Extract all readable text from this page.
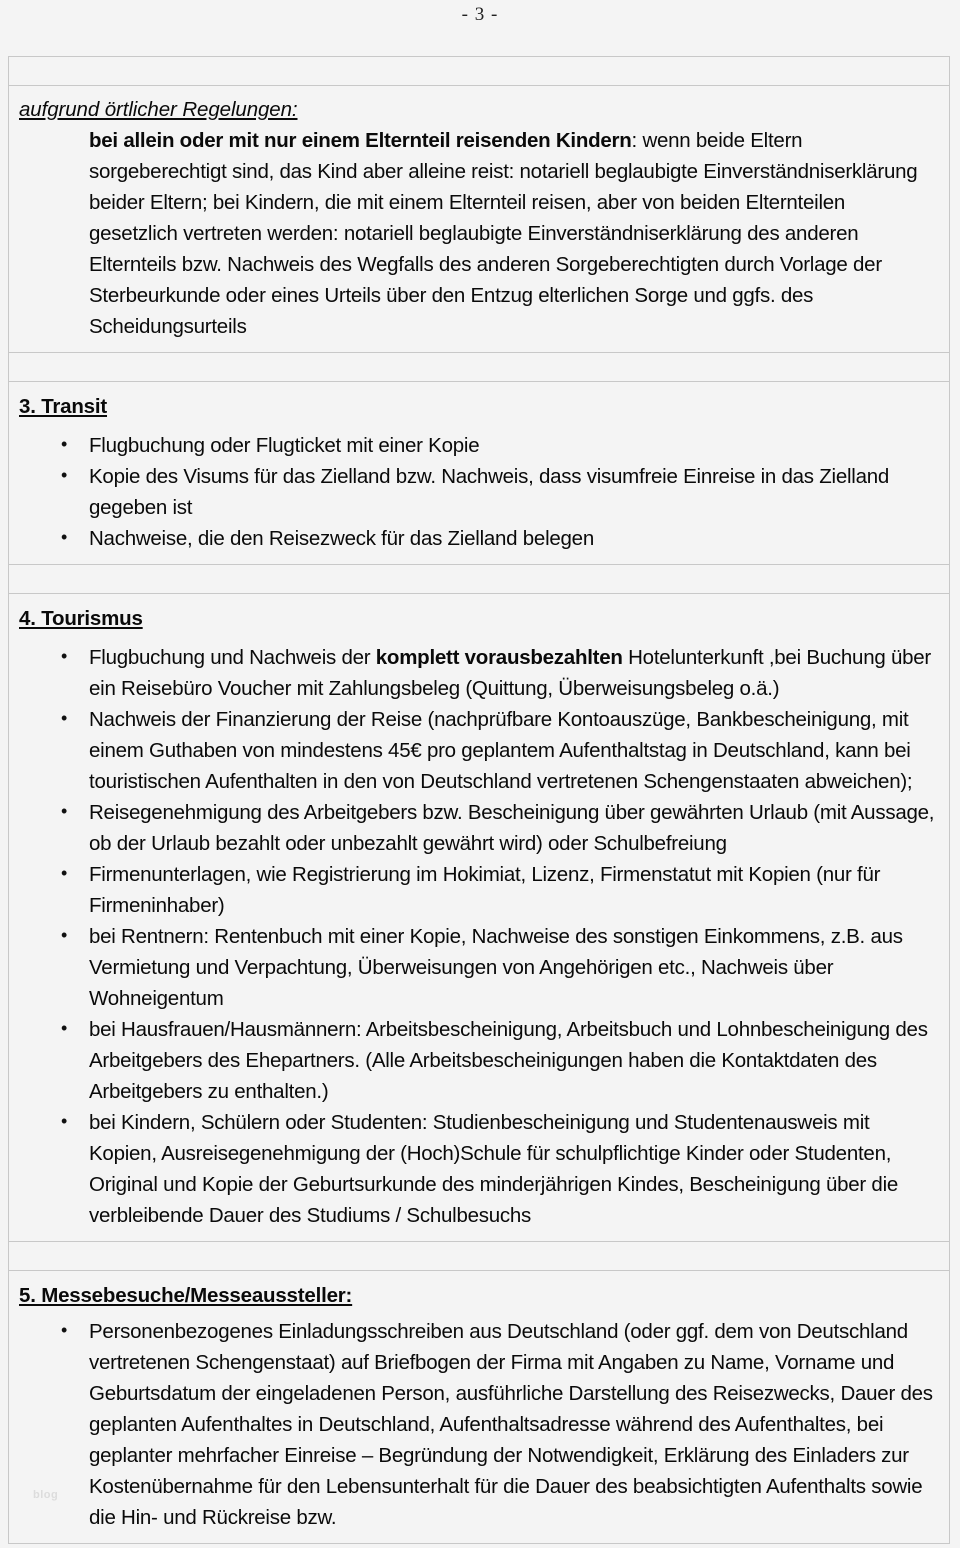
- 3 -
aufgrund örtlicher Regelungen:
bei allein oder mit nur einem Elternteil reisenden Kindern: wenn beide Eltern sorgeberechtigt sind, das Kind aber alleine reist: notariell beglaubigte Einverständniserklärung beider Eltern; bei Kindern, die mit einem Elternteil reisen, aber von beiden Elternteilen gesetzlich vertreten werden: notariell beglaubigte Einverständniserklärung des anderen Elternteils bzw. Nachweis des Wegfalls des anderen Sorgeberechtigten durch Vorlage der Sterbeurkunde oder eines Urteils über den Entzug elterlichen Sorge und ggfs. des Scheidungsurteils
3. Transit
• Flugbuchung oder Flugticket mit einer Kopie
• Kopie des Visums für das Zielland bzw. Nachweis, dass visumfreie Einreise in das Zielland gegeben ist
• Nachweise, die den Reisezweck für das Zielland belegen
4. Tourismus
• Flugbuchung und Nachweis der komplett vorausbezahlten Hotelunterkunft ,bei Buchung über ein Reisebüro Voucher mit Zahlungsbeleg (Quittung, Überweisungsbeleg o.ä.)
• Nachweis der Finanzierung der Reise (nachprüfbare Kontoauszüge, Bankbescheinigung, mit einem Guthaben von mindestens 45€ pro geplantem Aufenthaltstag in Deutschland, kann bei touristischen Aufenthalten in den von Deutschland vertretenen Schengenstaaten abweichen);
• Reisegenehmigung des Arbeitgebers bzw. Bescheinigung über gewährten Urlaub (mit Aussage, ob der Urlaub bezahlt oder unbezahlt gewährt wird) oder Schulbefreiung
• Firmenunterlagen, wie Registrierung im Hokimiat, Lizenz, Firmenstatut mit Kopien (nur für Firmeninhaber)
• bei Rentnern: Rentenbuch mit einer Kopie, Nachweise des sonstigen Einkommens, z.B. aus Vermietung und Verpachtung, Überweisungen von Angehörigen etc., Nachweis über Wohneigentum
• bei Hausfrauen/Hausmännern: Arbeitsbescheinigung, Arbeitsbuch und Lohnbescheinigung des Arbeitgebers des Ehepartners. (Alle Arbeitsbescheinigungen haben die Kontaktdaten des Arbeitgebers zu enthalten.)
• bei Kindern, Schülern oder Studenten: Studienbescheinigung und Studentenausweis mit Kopien, Ausreisegenehmigung der (Hoch)Schule für schulpflichtige Kinder oder Studenten, Original und Kopie der Geburtsurkunde des minderjährigen Kindes, Bescheinigung über die verbleibende Dauer des Studiums / Schulbesuchs
5. Messebesuche/Messeaussteller:
• Personenbezogenes Einladungsschreiben aus Deutschland (oder ggf. dem von Deutschland vertretenen Schengenstaat) auf Briefbogen der Firma mit Angaben zu Name, Vorname und Geburtsdatum der eingeladenen Person, ausführliche Darstellung des Reisezwecks, Dauer des geplanten Aufenthaltes in Deutschland, Aufenthaltsadresse während des Aufenthaltes, bei geplanter mehrfacher Einreise – Begründung der Notwendigkeit, Erklärung des Einladers zur Kostenübernahme für den Lebensunterhalt für die Dauer des beabsichtigten Aufenthalts sowie die Hin- und Rückreise bzw.
blog
